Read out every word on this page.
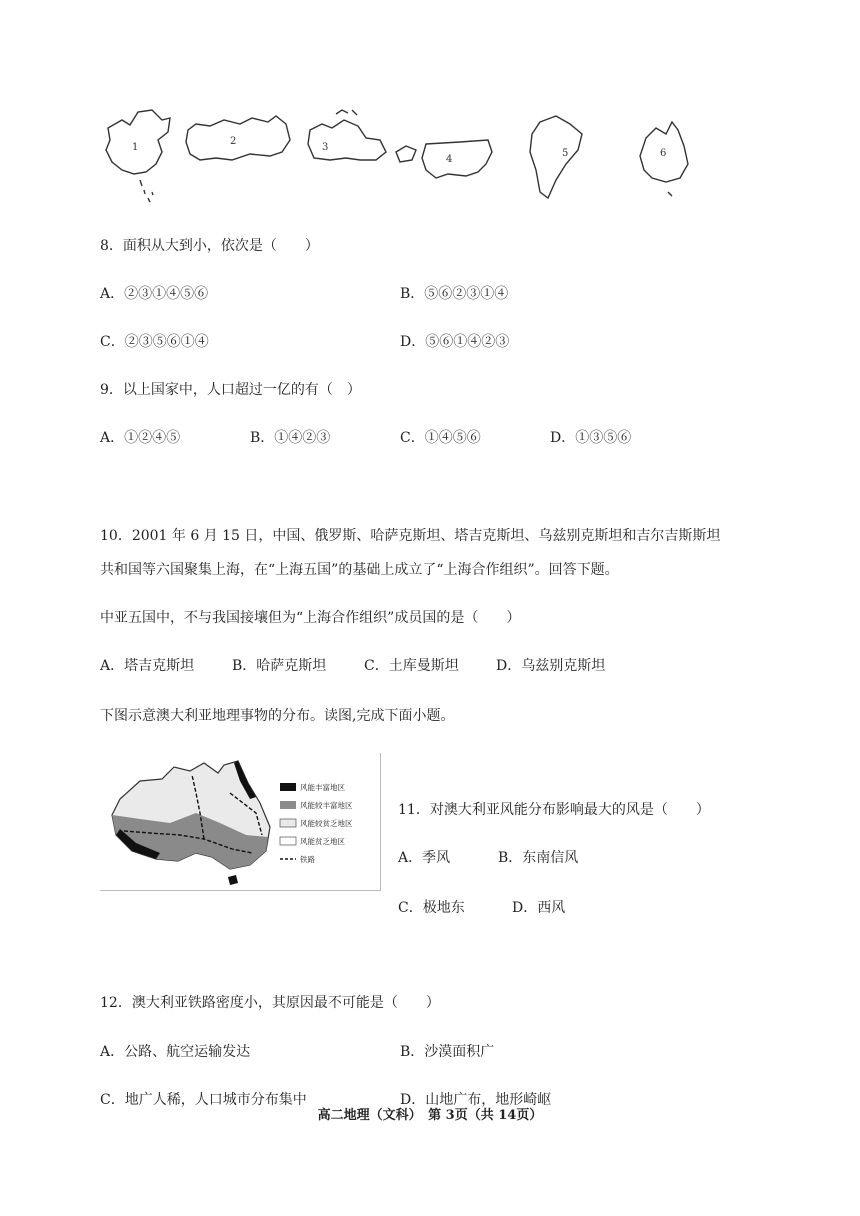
1
2
3
4
5	6
8．面积从大到小，依次是（　　）
A．②③①④⑤⑥	B．⑤⑥②③①④
C．②③⑤⑥①④	D．⑤⑥①④②③
9．以上国家中，人口超过一亿的有（　）
A．①②④⑤	B．①④②③	C．①④⑤⑥	D．①③⑤⑥
10．2001 年 6 月 15 日，中国、俄罗斯、哈萨克斯坦、塔吉克斯坦、乌兹别克斯坦和吉尔吉斯斯坦
共和国等六国聚集上海，在“上海五国”的基础上成立了“上海合作组织”。回答下题。
中亚五国中，不与我国接壤但为“上海合作组织”成员国的是（　　）
A．塔吉克斯坦	B．哈萨克斯坦	C．土库曼斯坦	D．乌兹别克斯坦
下图示意澳大利亚地理事物的分布。读图,完成下面小题。
风能丰富地区
风能较丰富地区
风能较贫乏地区
风能贫乏地区
铁路
11．对澳大利亚风能分布影响最大的风是（　　）
A．季风	B．东南信风
C．极地东	D．西风
12．澳大利亚铁路密度小，其原因最不可能是（　　）
A．公路、航空运输发达	B．沙漠面积广
C．地广人稀，人口城市分布集中	D．山地广布，地形崎岖
高二地理（文科）　第 3页（共 14页）
